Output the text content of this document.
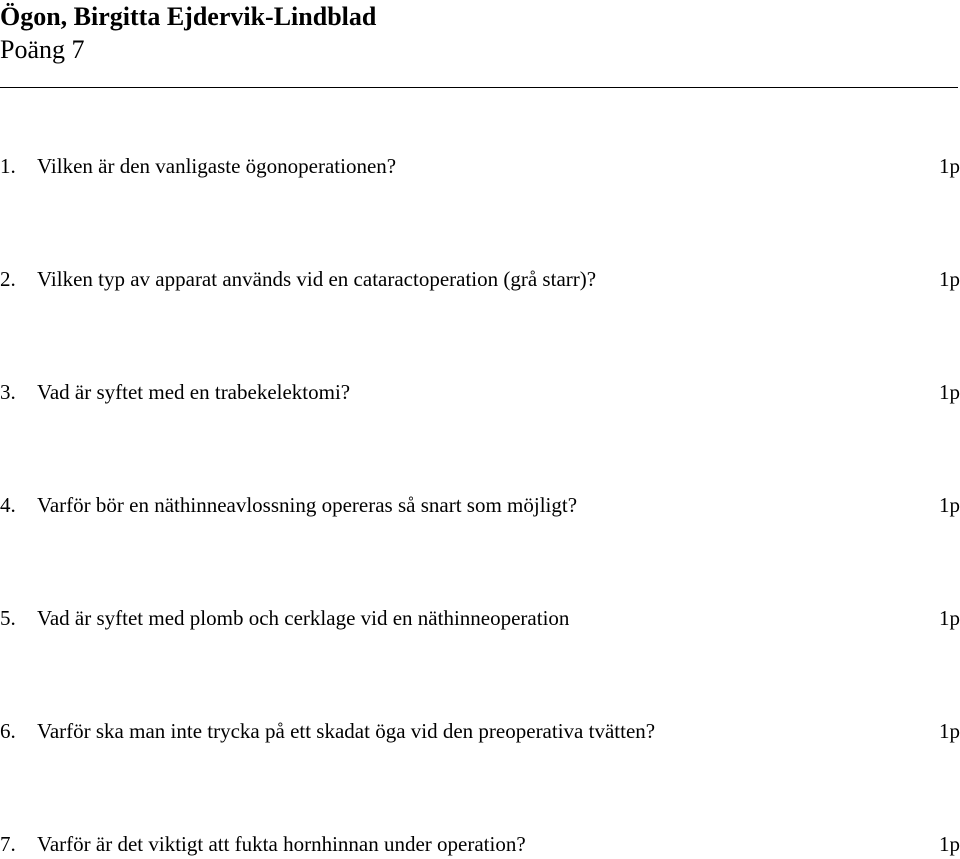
Ögon, Birgitta Ejdervik-Lindblad
Poäng 7
1. Vilken är den vanligaste ögonoperationen?	1p
2. Vilken typ av apparat används vid en cataractoperation (grå starr)?	1p
3. Vad är syftet med en trabekelektomi?	1p
4. Varför bör en näthinneavlossning opereras så snart som möjligt?	1p
5. Vad är syftet med plomb och cerklage vid en näthinneoperation	1p
6. Varför ska man inte trycka på ett skadat öga vid den preoperativa tvätten?	1p
7. Varför är det viktigt att fukta hornhinnan under operation?	1p
